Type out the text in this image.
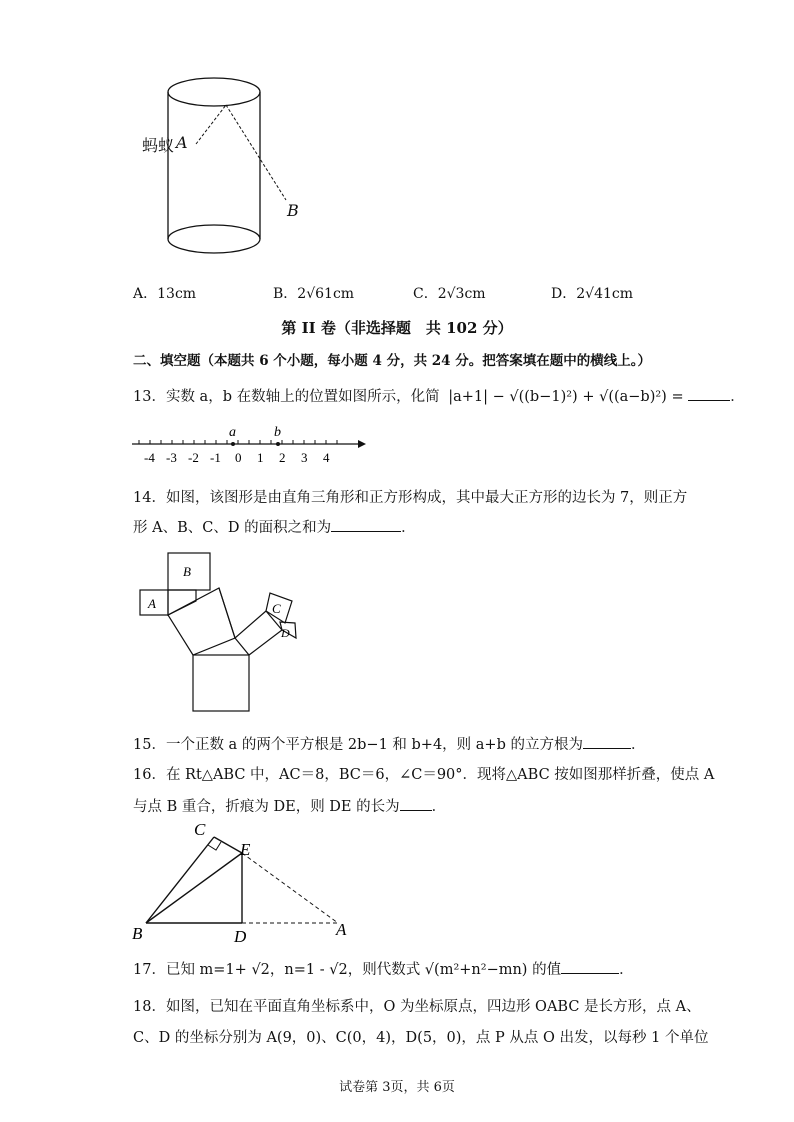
蚂蚁 A
B
A．13cm	B．2√61cm	C．2√3cm	D．2√41cm
第 II 卷（非选择题　共 102 分）
二、填空题（本题共 6 个小题，每小题 4 分，共 24 分。把答案填在题中的横线上。）
13．实数 a，b 在数轴上的位置如图所示，化简 |a+1| − √((b−1)²) + √((a−b)²) =	．
a	b
-4 -3 -2 -1 0 1 2 3 4
14．如图，该图形是由直角三角形和正方形构成，其中最大正方形的边长为 7，则正方
形 A、B、C、D 的面积之和为	．
A
B
C
D
15．一个正数 a 的两个平方根是 2b−1 和 b+4，则 a+b 的立方根为	．
16．在 Rt△ABC 中，AC＝8，BC＝6，∠C＝90°．现将△ABC 按如图那样折叠，使点 A
与点 B 重合，折痕为 DE，则 DE 的长为 ．
C
E
B	D	A
17．已知 m=1+ √2，n=1 - √2，则代数式 √(m²+n²−mn) 的值	．
18．如图，已知在平面直角坐标系中，O 为坐标原点，四边形 OABC 是长方形，点 A、
C、D 的坐标分别为 A(9，0)、C(0，4)，D(5，0)，点 P 从点 O 出发，以每秒 1 个单位
试卷第 3页，共 6页
